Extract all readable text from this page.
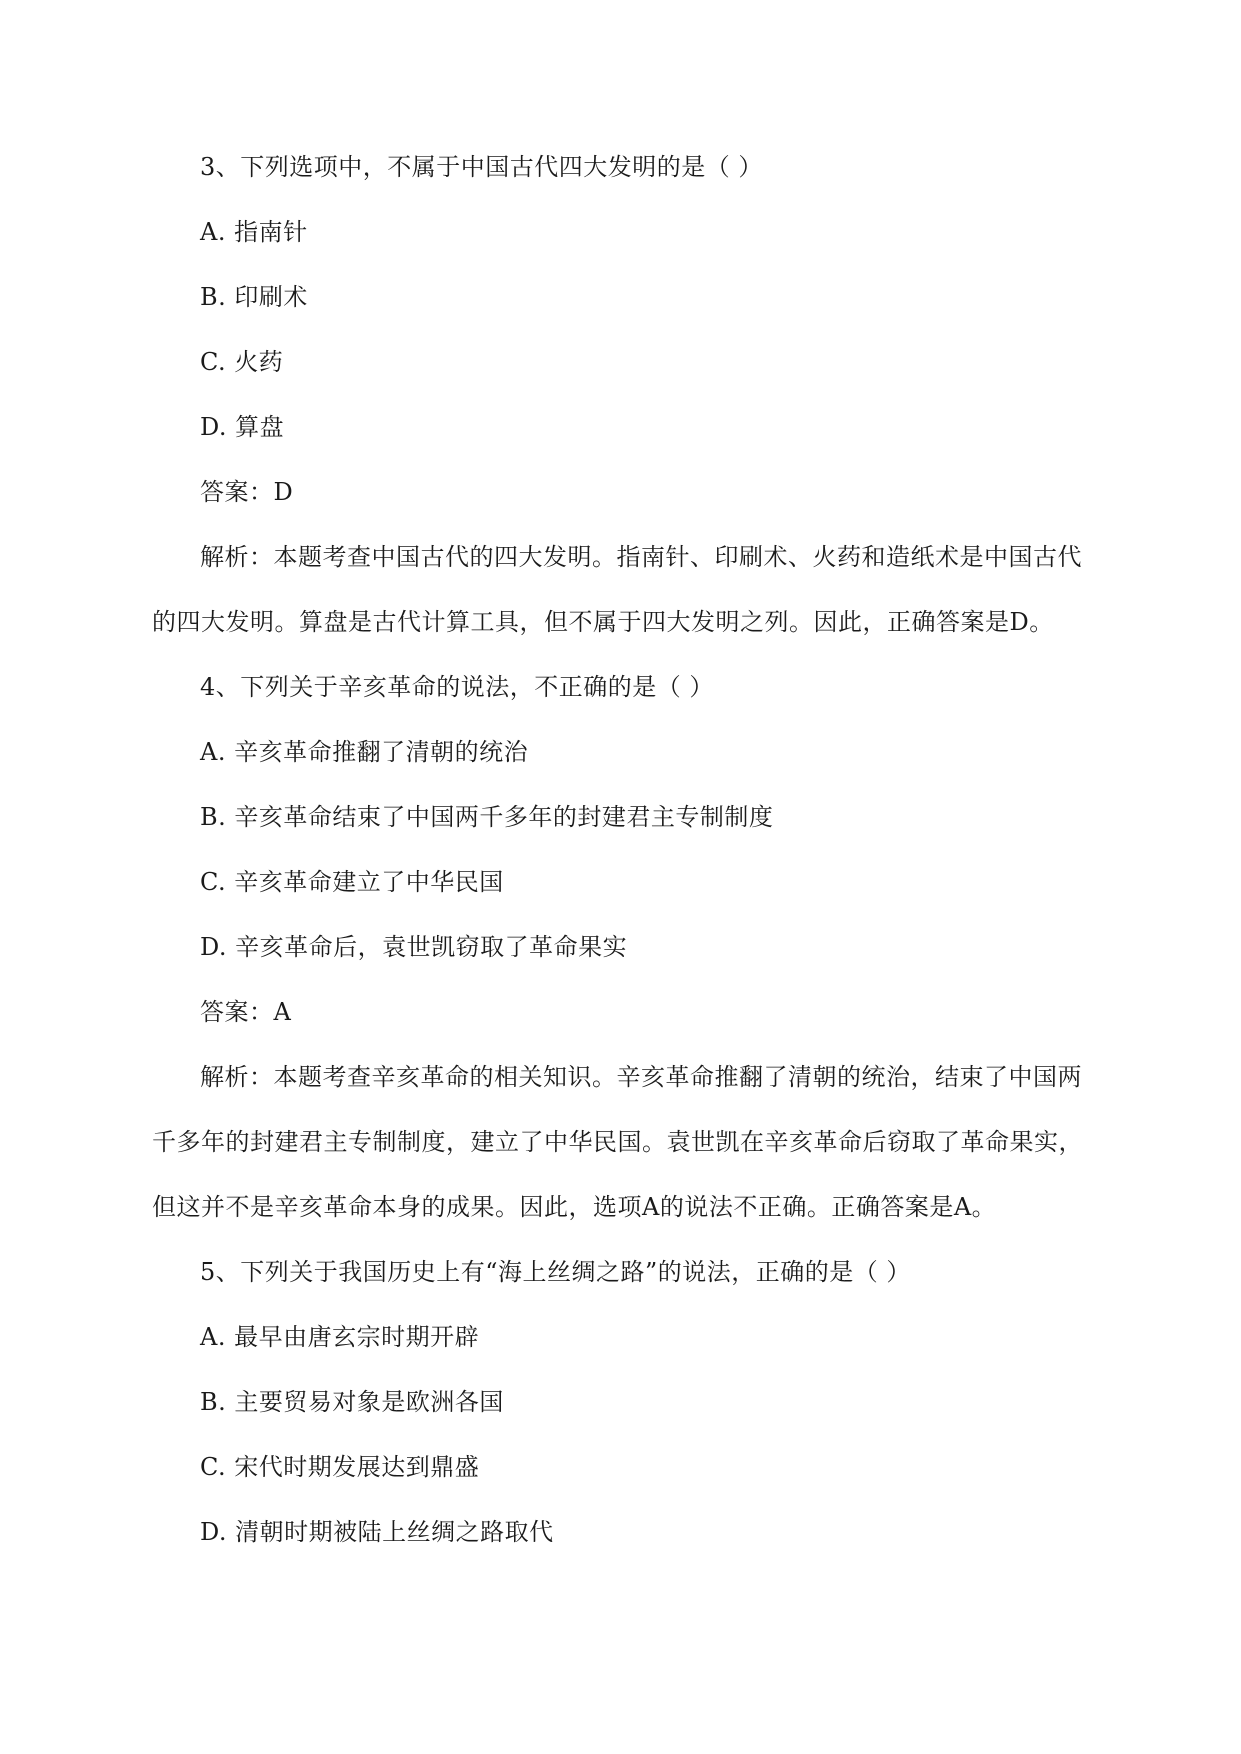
3、下列选项中，不属于中国古代四大发明的是（ ）
A. 指南针
B. 印刷术
C. 火药
D. 算盘
答案：D
解析：本题考查中国古代的四大发明。指南针、印刷术、火药和造纸术是中国古代
的四大发明。算盘是古代计算工具，但不属于四大发明之列。因此，正确答案是D。
4、下列关于辛亥革命的说法，不正确的是（ ）
A. 辛亥革命推翻了清朝的统治
B. 辛亥革命结束了中国两千多年的封建君主专制制度
C. 辛亥革命建立了中华民国
D. 辛亥革命后，袁世凯窃取了革命果实
答案：A
解析：本题考查辛亥革命的相关知识。辛亥革命推翻了清朝的统治，结束了中国两
千多年的封建君主专制制度，建立了中华民国。袁世凯在辛亥革命后窃取了革命果实，
但这并不是辛亥革命本身的成果。因此，选项A的说法不正确。正确答案是A。
5、下列关于我国历史上有“海上丝绸之路”的说法，正确的是（ ）
A. 最早由唐玄宗时期开辟
B. 主要贸易对象是欧洲各国
C. 宋代时期发展达到鼎盛
D. 清朝时期被陆上丝绸之路取代
